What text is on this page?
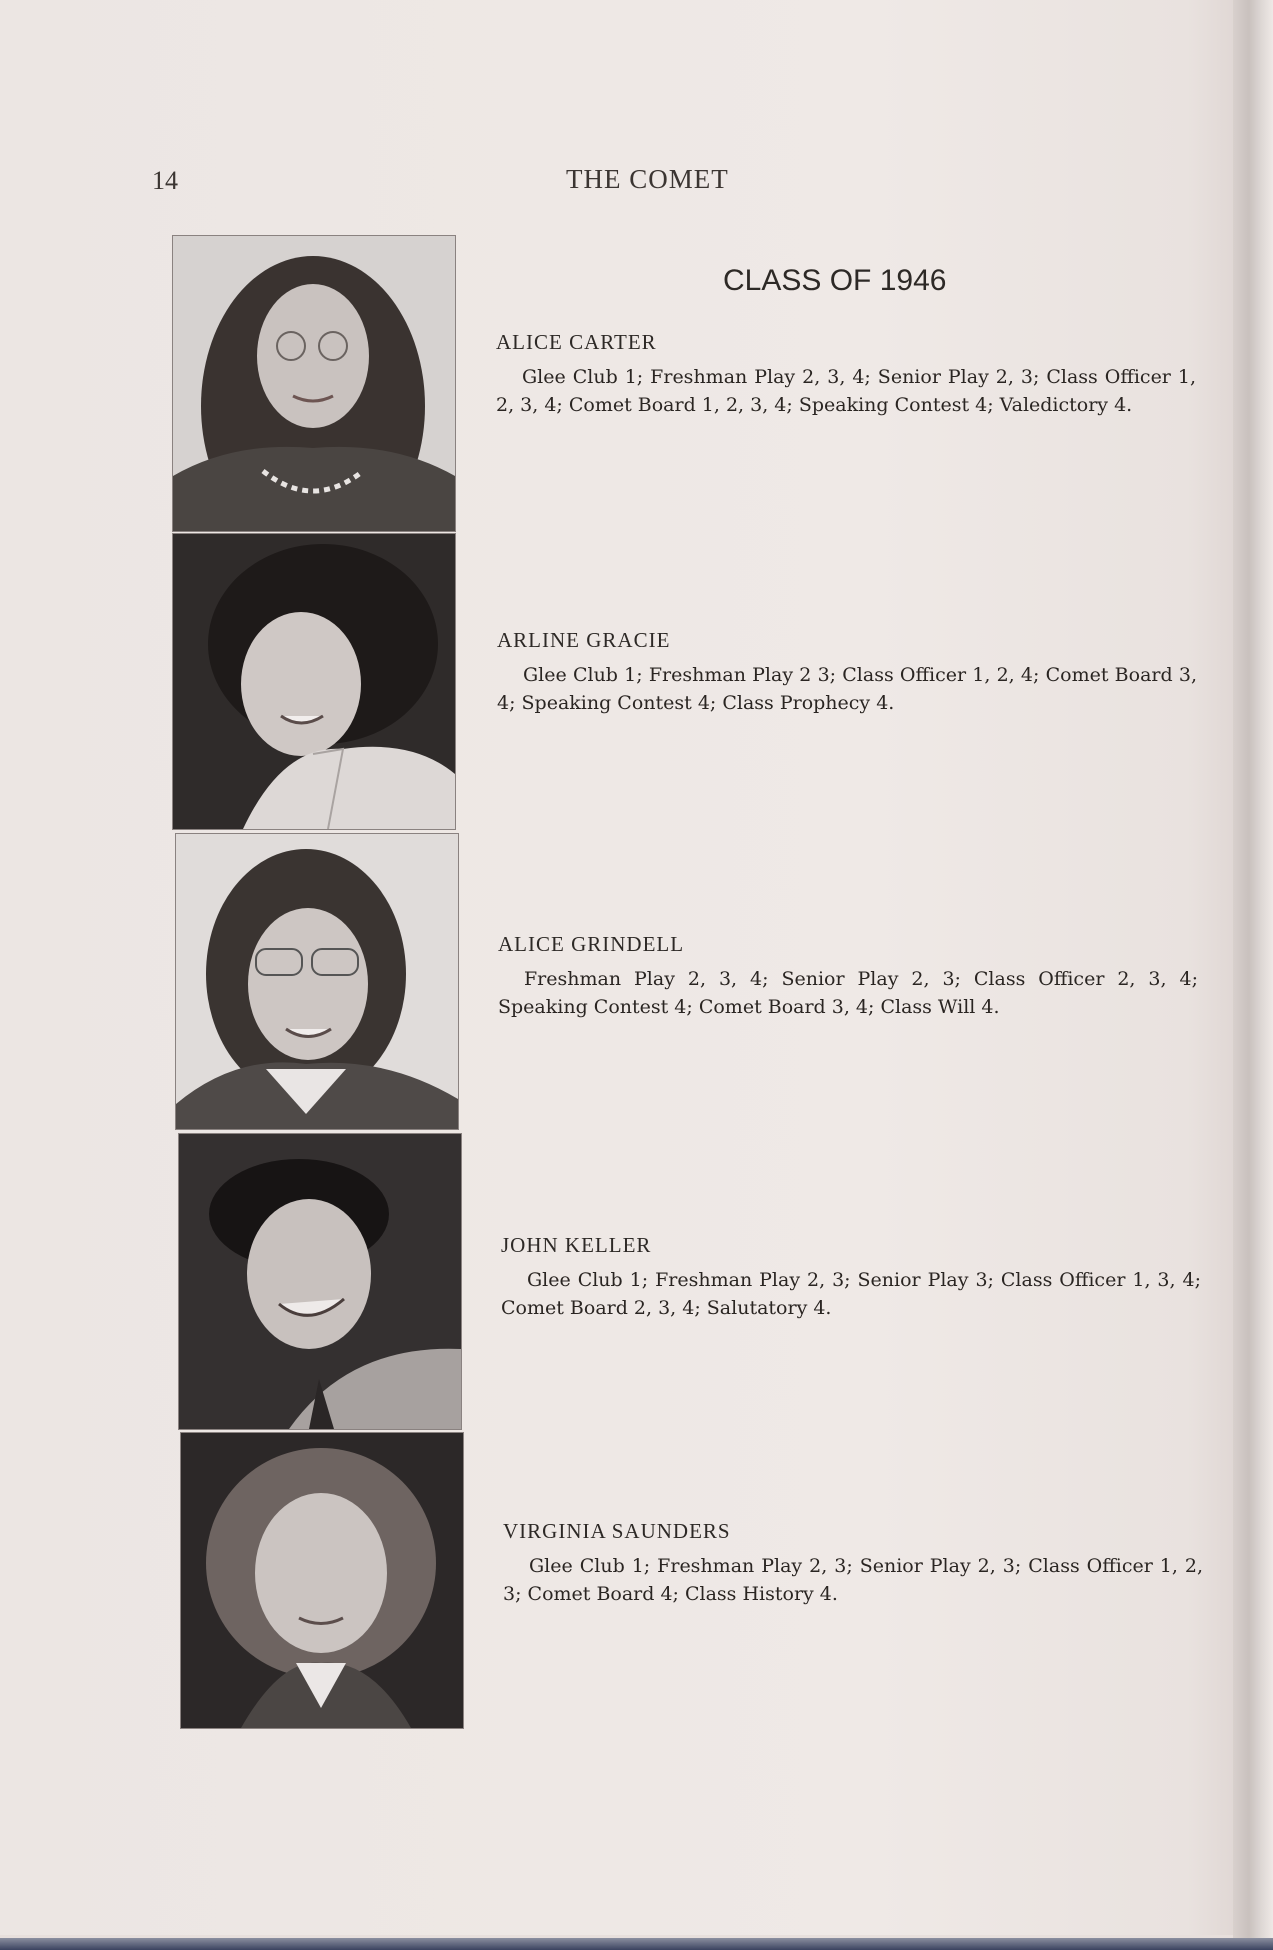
14	THE COMET
CLASS OF 1946

ALICE CARTER

Glee Club 1; Freshman Play 2, 3, 4; Senior Play 2, 3; Class Officer 1, 2, 3, 4; Comet Board 1, 2, 3, 4; Speaking Contest 4; Valedictory 4.

ARLINE GRACIE

Glee Club 1; Freshman Play 2 3; Class Officer 1, 2, 4; Comet Board 3, 4; Speaking Contest 4; Class Prophecy 4.

ALICE GRINDELL

Freshman Play 2, 3, 4; Senior Play 2, 3; Class Officer 2, 3, 4; Speaking Contest 4; Comet Board 3, 4; Class Will 4.

JOHN KELLER

Glee Club 1; Freshman Play 2, 3; Senior Play 3; Class Officer 1, 3, 4; Comet Board 2, 3, 4; Salutatory 4.

VIRGINIA SAUNDERS

Glee Club 1; Freshman Play 2, 3; Senior Play 2, 3; Class Officer 1, 2, 3; Comet Board 4; Class History 4.
